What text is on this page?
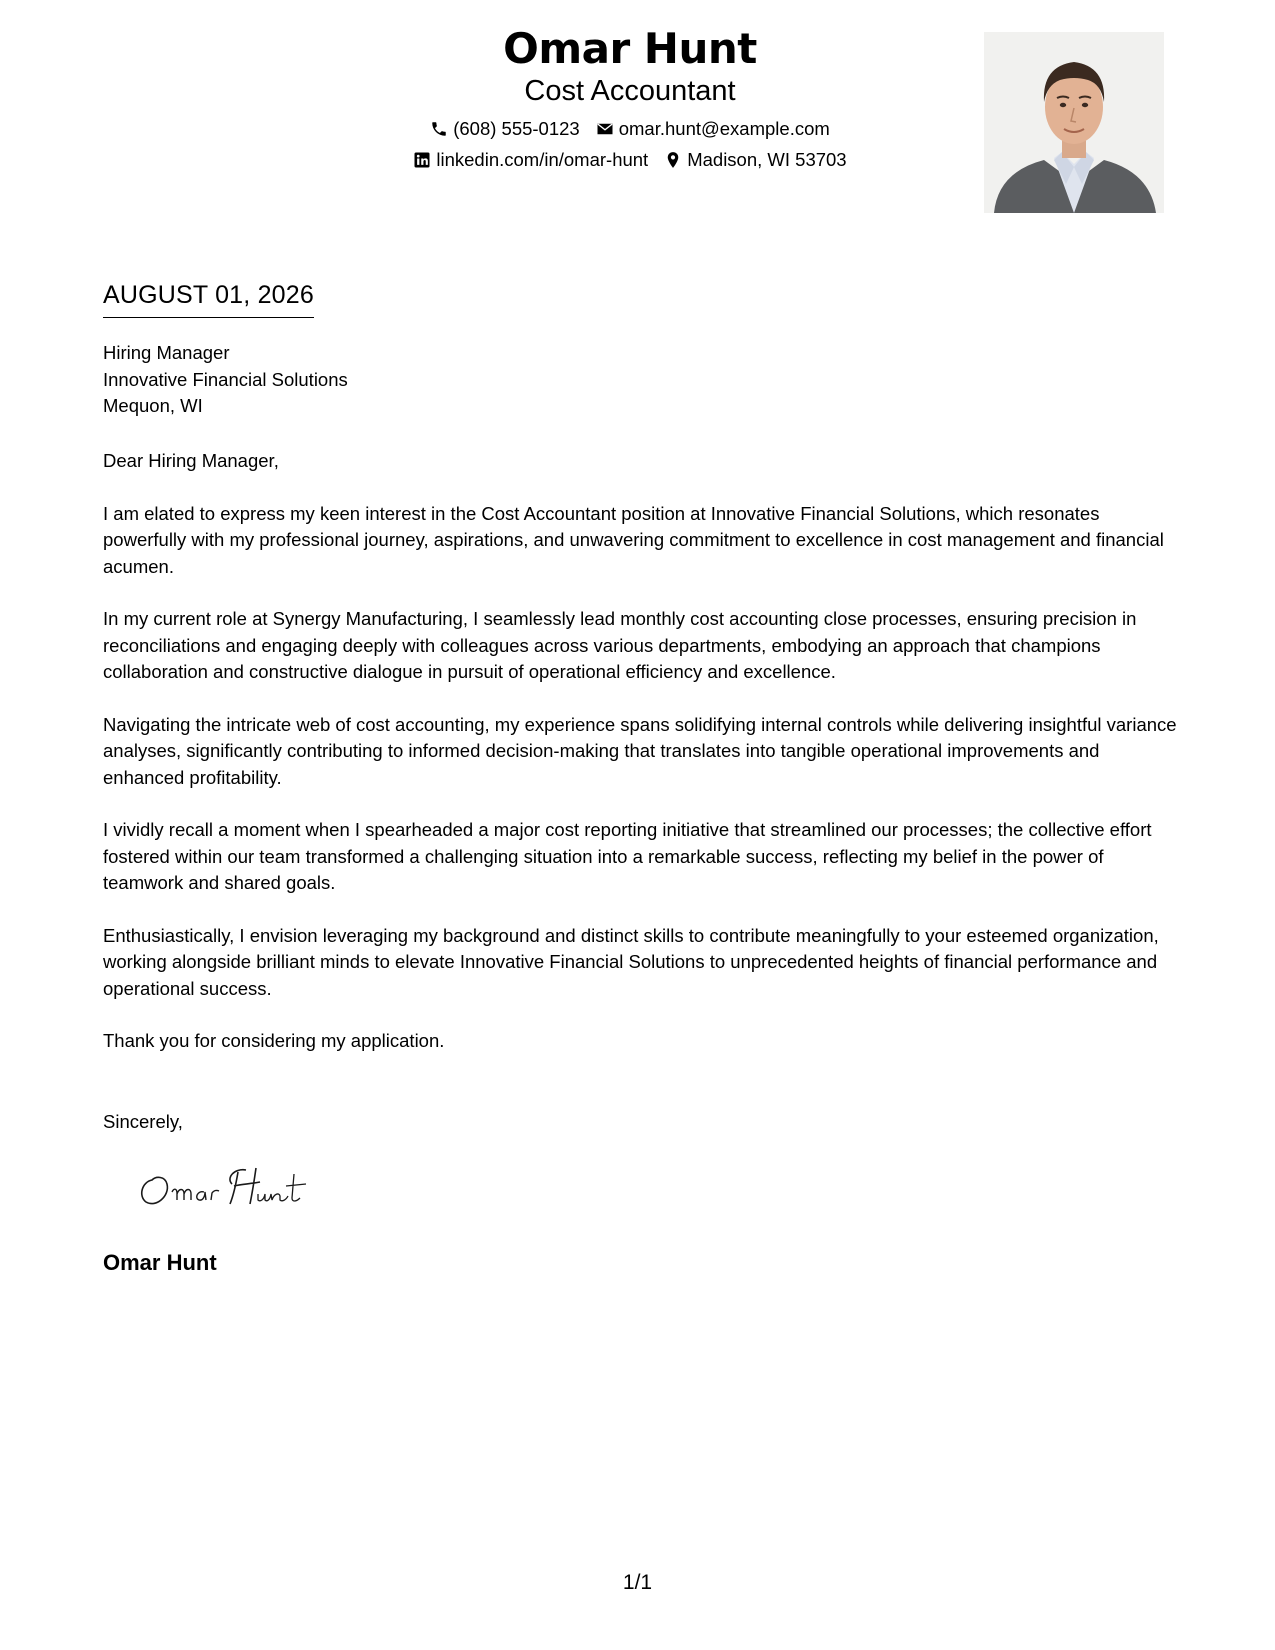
Omar Hunt
Cost Accountant
(608) 555-0123 omar.hunt@example.com
linkedin.com/in/omar-hunt Madison, WI 53703
AUGUST 01, 2026
Hiring Manager
Innovative Financial Solutions
Mequon, WI

Dear Hiring Manager,

I am elated to express my keen interest in the Cost Accountant position at Innovative Financial Solutions, which resonates powerfully with my professional journey, aspirations, and unwavering commitment to excellence in cost management and financial acumen.

In my current role at Synergy Manufacturing, I seamlessly lead monthly cost accounting close processes, ensuring precision in reconciliations and engaging deeply with colleagues across various departments, embodying an approach that champions collaboration and constructive dialogue in pursuit of operational efficiency and excellence.

Navigating the intricate web of cost accounting, my experience spans solidifying internal controls while delivering insightful variance analyses, significantly contributing to informed decision-making that translates into tangible operational improvements and enhanced profitability.

I vividly recall a moment when I spearheaded a major cost reporting initiative that streamlined our processes; the collective effort fostered within our team transformed a challenging situation into a remarkable success, reflecting my belief in the power of teamwork and shared goals.

Enthusiastically, I envision leveraging my background and distinct skills to contribute meaningfully to your esteemed organization, working alongside brilliant minds to elevate Innovative Financial Solutions to unprecedented heights of financial performance and operational success.

Thank you for considering my application.

Sincerely,
Omar Hunt
1/1
